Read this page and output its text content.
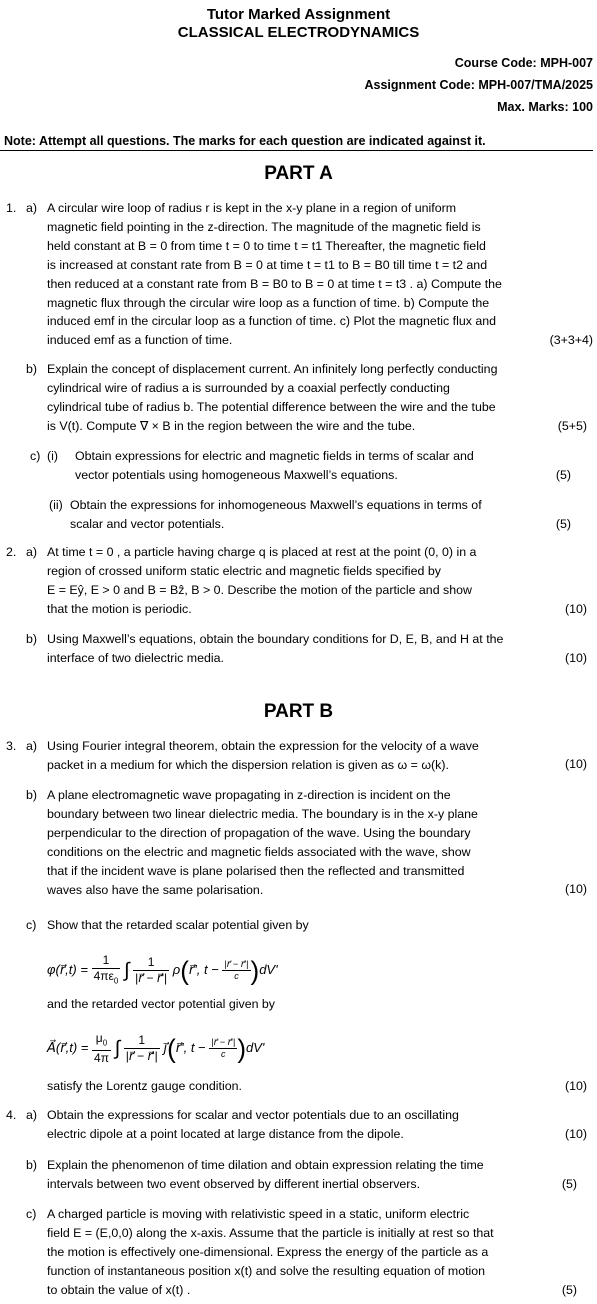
Tutor Marked Assignment
CLASSICAL ELECTRODYNAMICS
Course Code: MPH-007
Assignment Code: MPH-007/TMA/2025
Max. Marks: 100
Note: Attempt all questions. The marks for each question are indicated against it.
PART A
1. a) A circular wire loop of radius r is kept in the x-y plane in a region of uniform
magnetic field pointing in the z-direction. The magnitude of the magnetic field is
held constant at B = 0 from time t = 0 to time t = t1 Thereafter, the magnetic field
is increased at constant rate from B = 0 at time t = t1 to B = B0 till time t = t2 and
then reduced at a constant rate from B = B0 to B = 0 at time t = t3 . a) Compute the
magnetic flux through the circular wire loop as a function of time. b) Compute the
induced emf in the circular loop as a function of time. c) Plot the magnetic flux and
induced emf as a function of time.	(3+3+4)
b) Explain the concept of displacement current. An infinitely long perfectly conducting
cylindrical wire of radius a is surrounded by a coaxial perfectly conducting
cylindrical tube of radius b. The potential difference between the wire and the tube
is V(t). Compute ∇ × B in the region between the wire and the tube.	(5+5)
c) (i) Obtain expressions for electric and magnetic fields in terms of scalar and
vector potentials using homogeneous Maxwell’s equations.	(5)
(ii) Obtain the expressions for inhomogeneous Maxwell’s equations in terms of
scalar and vector potentials.	(5)
2. a) At time t = 0 , a particle having charge q is placed at rest at the point (0, 0) in a
region of crossed uniform static electric and magnetic fields specified by
E = Eŷ, E > 0 and B = Bẑ, B > 0. Describe the motion of the particle and show
that the motion is periodic.	(10)
b) Using Maxwell’s equations, obtain the boundary conditions for D, E, B, and H at the
interface of two dielectric media.	(10)
PART B
3. a) Using Fourier integral theorem, obtain the expression for the velocity of a wave
packet in a medium for which the dispersion relation is given as ω = ω(k).	(10)
b) A plane electromagnetic wave propagating in z-direction is incident on the
boundary between two linear dielectric media. The boundary is in the x-y plane
perpendicular to the direction of propagation of the wave. Using the boundary
conditions on the electric and magnetic fields associated with the wave, show
that if the incident wave is plane polarised then the reflected and transmitted
waves also have the same polarisation.	(10)
c) Show that the retarded scalar potential given by
φ(r⃗,t) = $\frac{1}{4\pi\varepsilon_0}$ ∫ $\frac{1}{|r⃗ - r⃗'|}$ ρ(r⃗', $t - \frac{|r⃗ - r⃗'|}{c} )dV'$
and the retarded vector potential given by
A⃗(r⃗,t) = $\frac{\mu_0}{4\pi}$ ∫ $\frac{1}{|r⃗ - r⃗'|}$ j⃗(r⃗', $t - \frac{|r⃗ - r⃗'|}{c} )dV'$
satisfy the Lorentz gauge condition.	(10)
4. a) Obtain the expressions for scalar and vector potentials due to an oscillating
electric dipole at a point located at large distance from the dipole.	(10)
b) Explain the phenomenon of time dilation and obtain expression relating the time
intervals between two event observed by different inertial observers.	(5)
c) A charged particle is moving with relativistic speed in a static, uniform electric
field E = (E,0,0) along the x-axis. Assume that the particle is initially at rest so that
the motion is effectively one-dimensional. Express the energy of the particle as a
function of instantaneous position x(t) and solve the resulting equation of motion
to obtain the value of x(t) .	(5)
